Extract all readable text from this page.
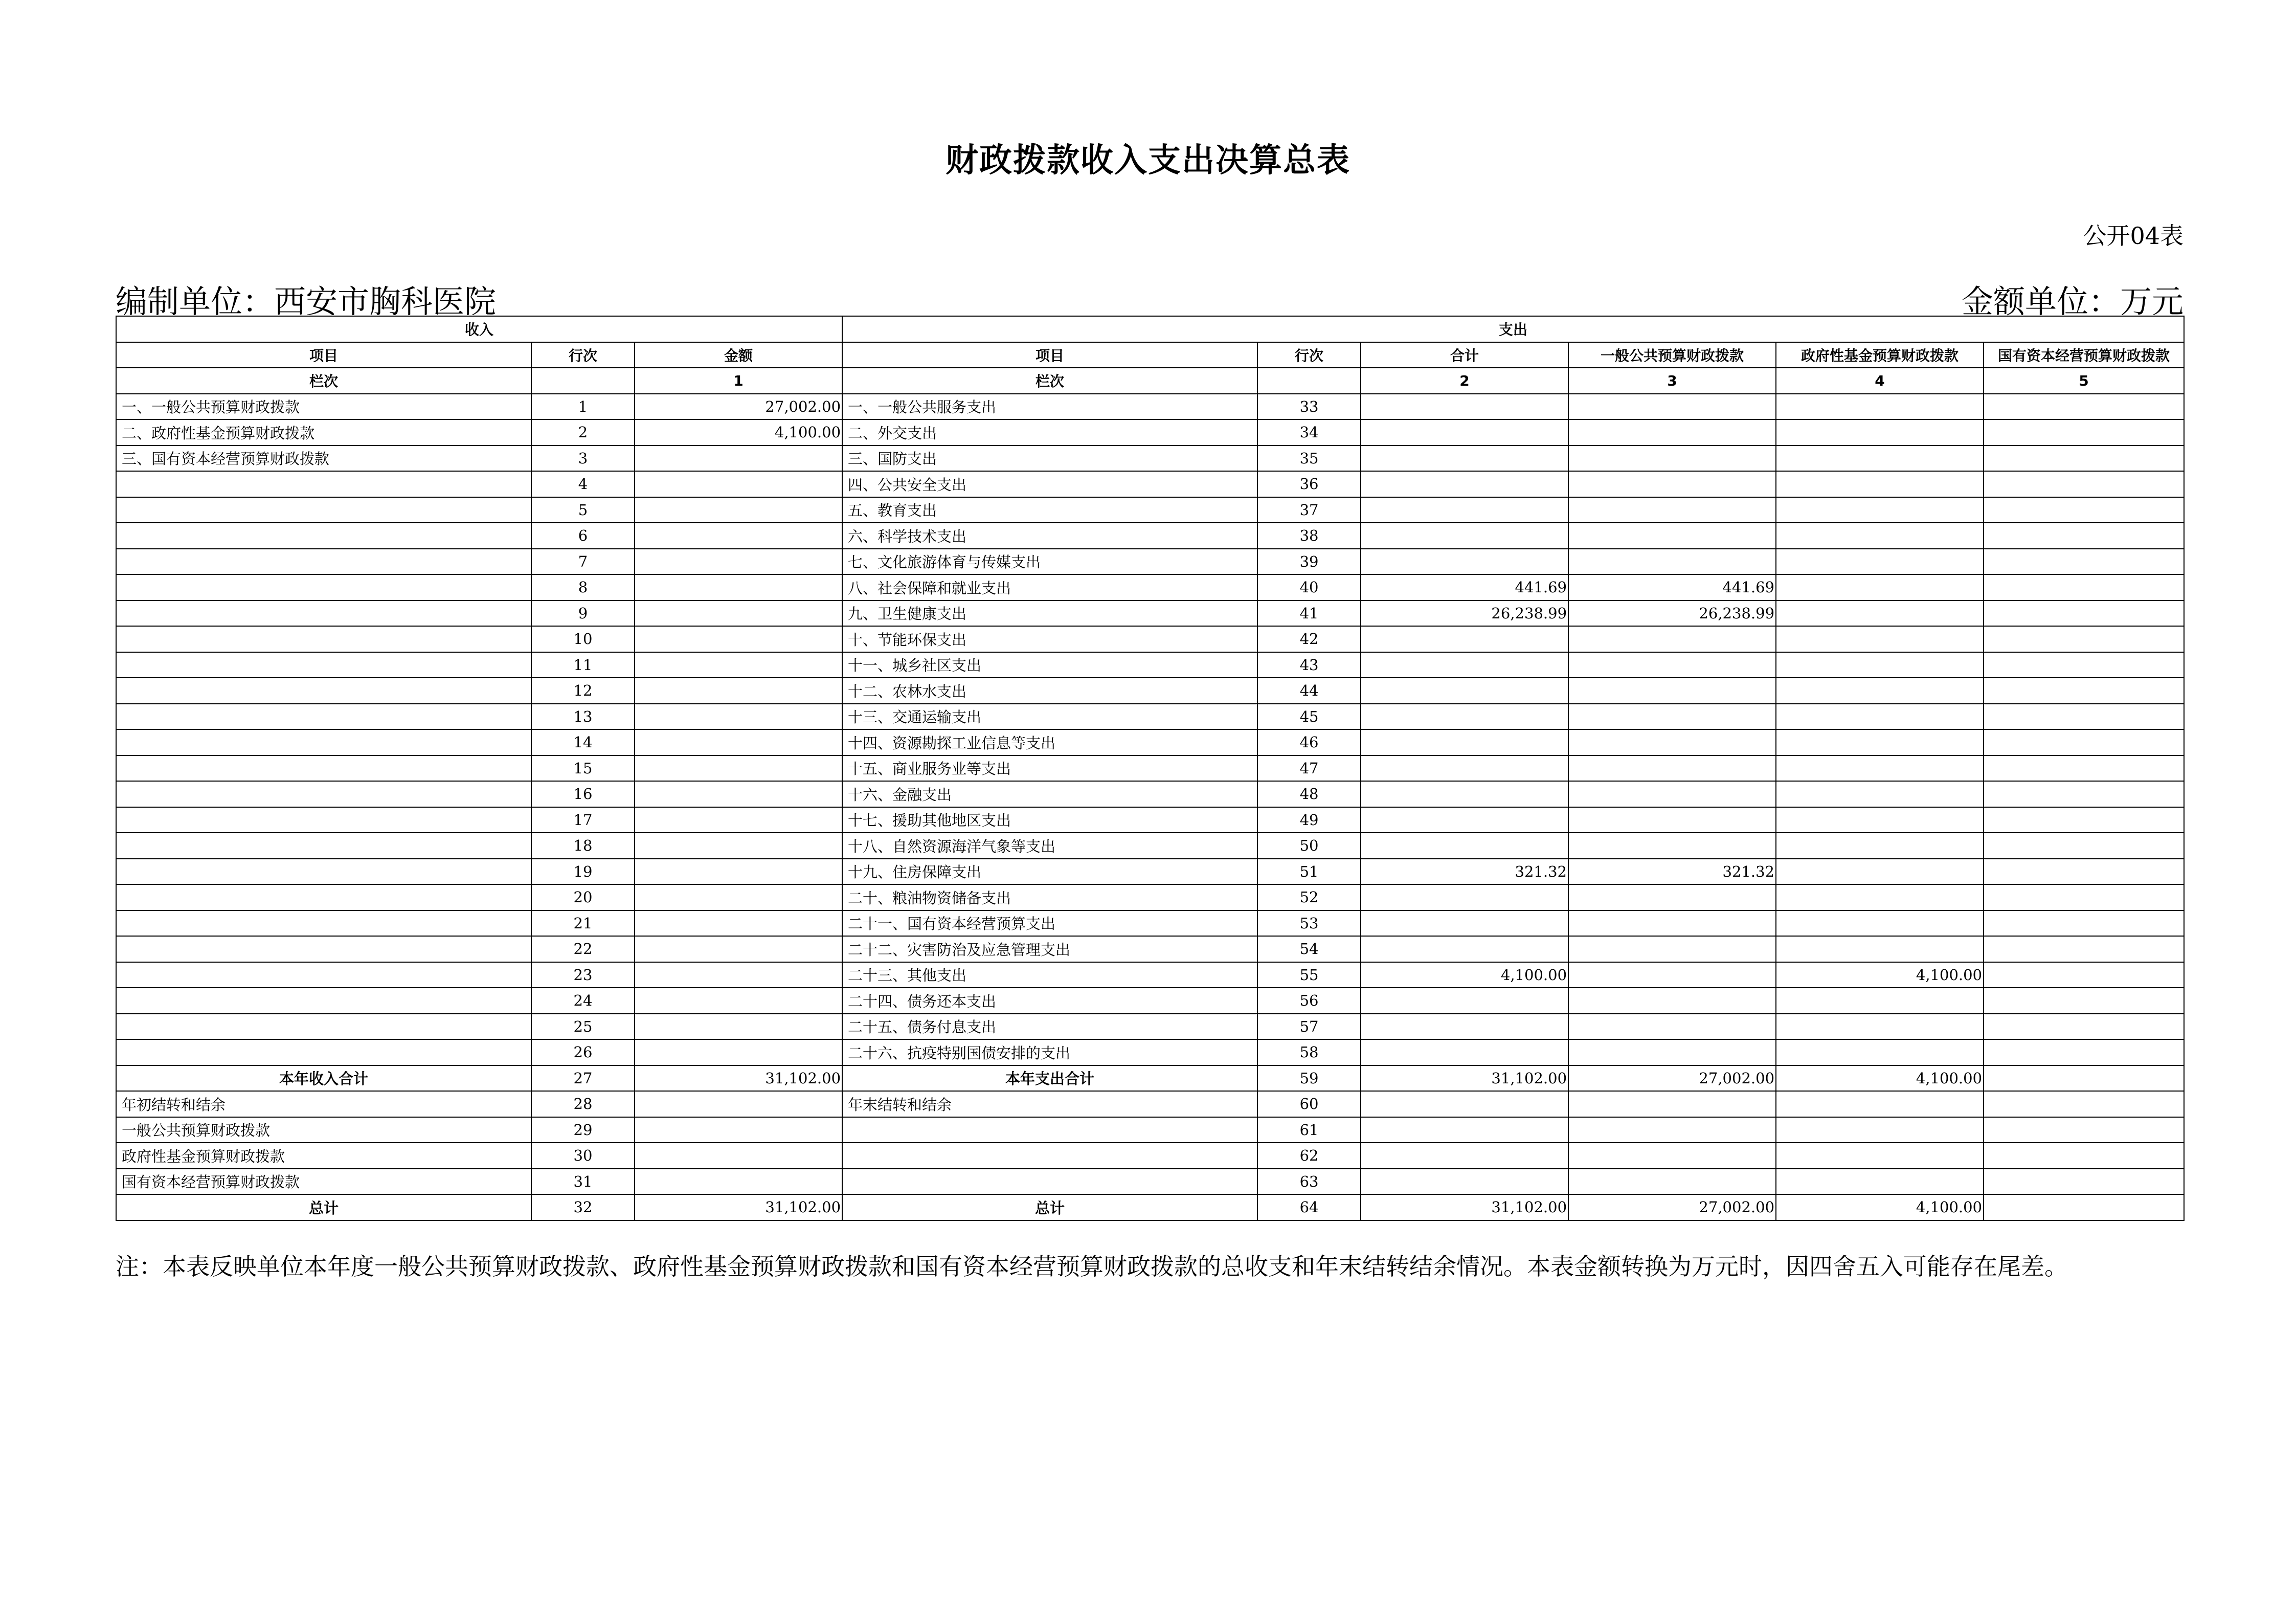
财政拨款收入支出决算总表
公开04表
编制单位：西安市胸科医院	金额单位：万元
收入			支出					
项目	行次	金额	项目	行次	合计	一般公共预算财政拨款	政府性基金预算财政拨款	国有资本经营预算财政拨款
栏次		1	栏次		2	3	4	5
一、一般公共预算财政拨款	1	27,002.00	一、一般公共服务支出	33				
二、政府性基金预算财政拨款	2	4,100.00	二、外交支出	34				
三、国有资本经营预算财政拨款	3		三、国防支出	35				
	4		四、公共安全支出	36				
	5		五、教育支出	37				
	6		六、科学技术支出	38				
	7		七、文化旅游体育与传媒支出	39				
	8		八、社会保障和就业支出	40	441.69	441.69		
	9		九、卫生健康支出	41	26,238.99	26,238.99		
	10		十、节能环保支出	42				
	11		十一、城乡社区支出	43				
	12		十二、农林水支出	44				
	13		十三、交通运输支出	45				
	14		十四、资源勘探工业信息等支出	46				
	15		十五、商业服务业等支出	47				
	16		十六、金融支出	48				
	17		十七、援助其他地区支出	49				
	18		十八、自然资源海洋气象等支出	50				
	19		十九、住房保障支出	51	321.32	321.32		
	20		二十、粮油物资储备支出	52				
	21		二十一、国有资本经营预算支出	53				
	22		二十二、灾害防治及应急管理支出	54				
	23		二十三、其他支出	55	4,100.00		4,100.00	
	24		二十四、债务还本支出	56				
	25		二十五、债务付息支出	57				
	26		二十六、抗疫特别国债安排的支出	58				
本年收入合计	27	31,102.00	本年支出合计	59	31,102.00	27,002.00	4,100.00	
年初结转和结余	28		年末结转和结余	60				
一般公共预算财政拨款	29			61				
政府性基金预算财政拨款	30			62				
国有资本经营预算财政拨款	31			63				
总计	32	31,102.00	总计	64	31,102.00	27,002.00	4,100.00	
注：本表反映单位本年度一般公共预算财政拨款、政府性基金预算财政拨款和国有资本经营预算财政拨款的总收支和年末结转结余情况。本表金额转换为万元时，因四舍五入可能存在尾差。
